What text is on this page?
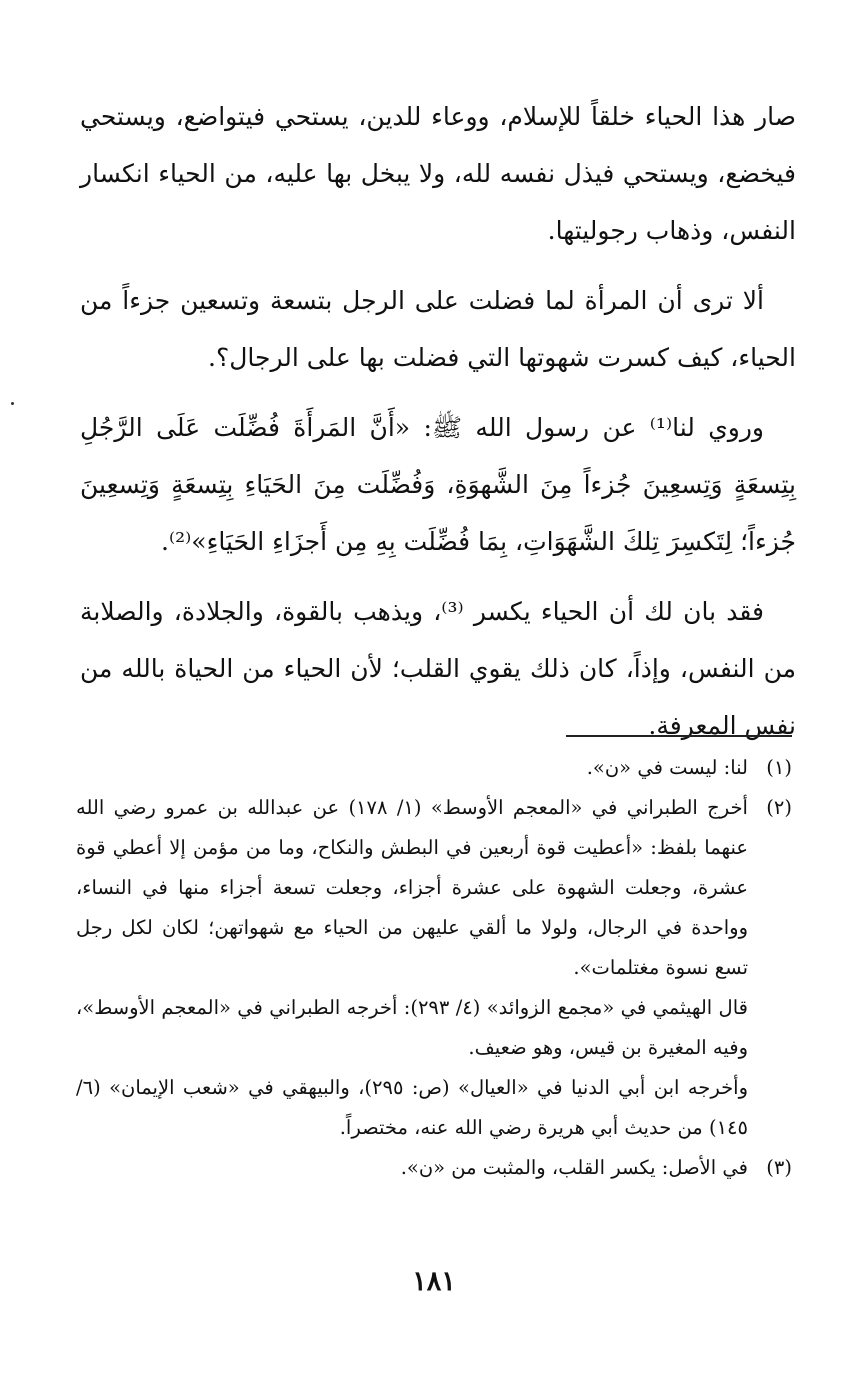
صار هذا الحياء خلقاً للإسلام، ووعاء للدين، يستحي فيتواضع، ويستحي فيخضع، ويستحي فيذل نفسه لله، ولا يبخل بها عليه، من الحياء انكسار النفس، وذهاب رجوليتها.

ألا ترى أن المرأة لما فضلت على الرجل بتسعة وتسعين جزءاً من الحياء، كيف كسرت شهوتها التي فضلت بها على الرجال؟.

وروي لنا⁽¹⁾ عن رسول الله ﷺ: «أَنَّ المَرأَةَ فُضِّلَت عَلَى الرَّجُلِ بِتِسعَةٍ وَتِسعِينَ جُزءاً مِنَ الشَّهوَةِ، وَفُضِّلَت مِنَ الحَيَاءِ بِتِسعَةٍ وَتِسعِينَ جُزءاً؛ لِتَكسِرَ تِلكَ الشَّهَوَاتِ، بِمَا فُضِّلَت بِهِ مِن أَجزَاءِ الحَيَاءِ»⁽²⁾.

فقد بان لك أن الحياء يكسر ⁽³⁾، ويذهب بالقوة، والجلادة، والصلابة من النفس، وإذاً، كان ذلك يقوي القلب؛ لأن الحياء من الحياة بالله من نفس المعرفة.

(١)

لنا: ليست في «ن».

(٢)

أخرج الطبراني في «المعجم الأوسط» (١/ ١٧٨) عن عبدالله بن عمرو رضي الله عنهما بلفظ: «أعطيت قوة أربعين في البطش والنكاح، وما من مؤمن إلا أعطي قوة عشرة، وجعلت الشهوة على عشرة أجزاء، وجعلت تسعة أجزاء منها في النساء، وواحدة في الرجال، ولولا ما ألقي عليهن من الحياء مع شهواتهن؛ لكان لكل رجل تسع نسوة مغتلمات».

قال الهيثمي في «مجمع الزوائد» (٤/ ٢٩٣): أخرجه الطبراني في «المعجم الأوسط»، وفيه المغيرة بن قيس، وهو ضعيف.

وأخرجه ابن أبي الدنيا في «العيال» (ص: ٢٩٥)، والبيهقي في «شعب الإيمان» (٦/ ١٤٥) من حديث أبي هريرة رضي الله عنه، مختصراً.

(٣)

في الأصل: يكسر القلب، والمثبت من «ن».

١٨١
